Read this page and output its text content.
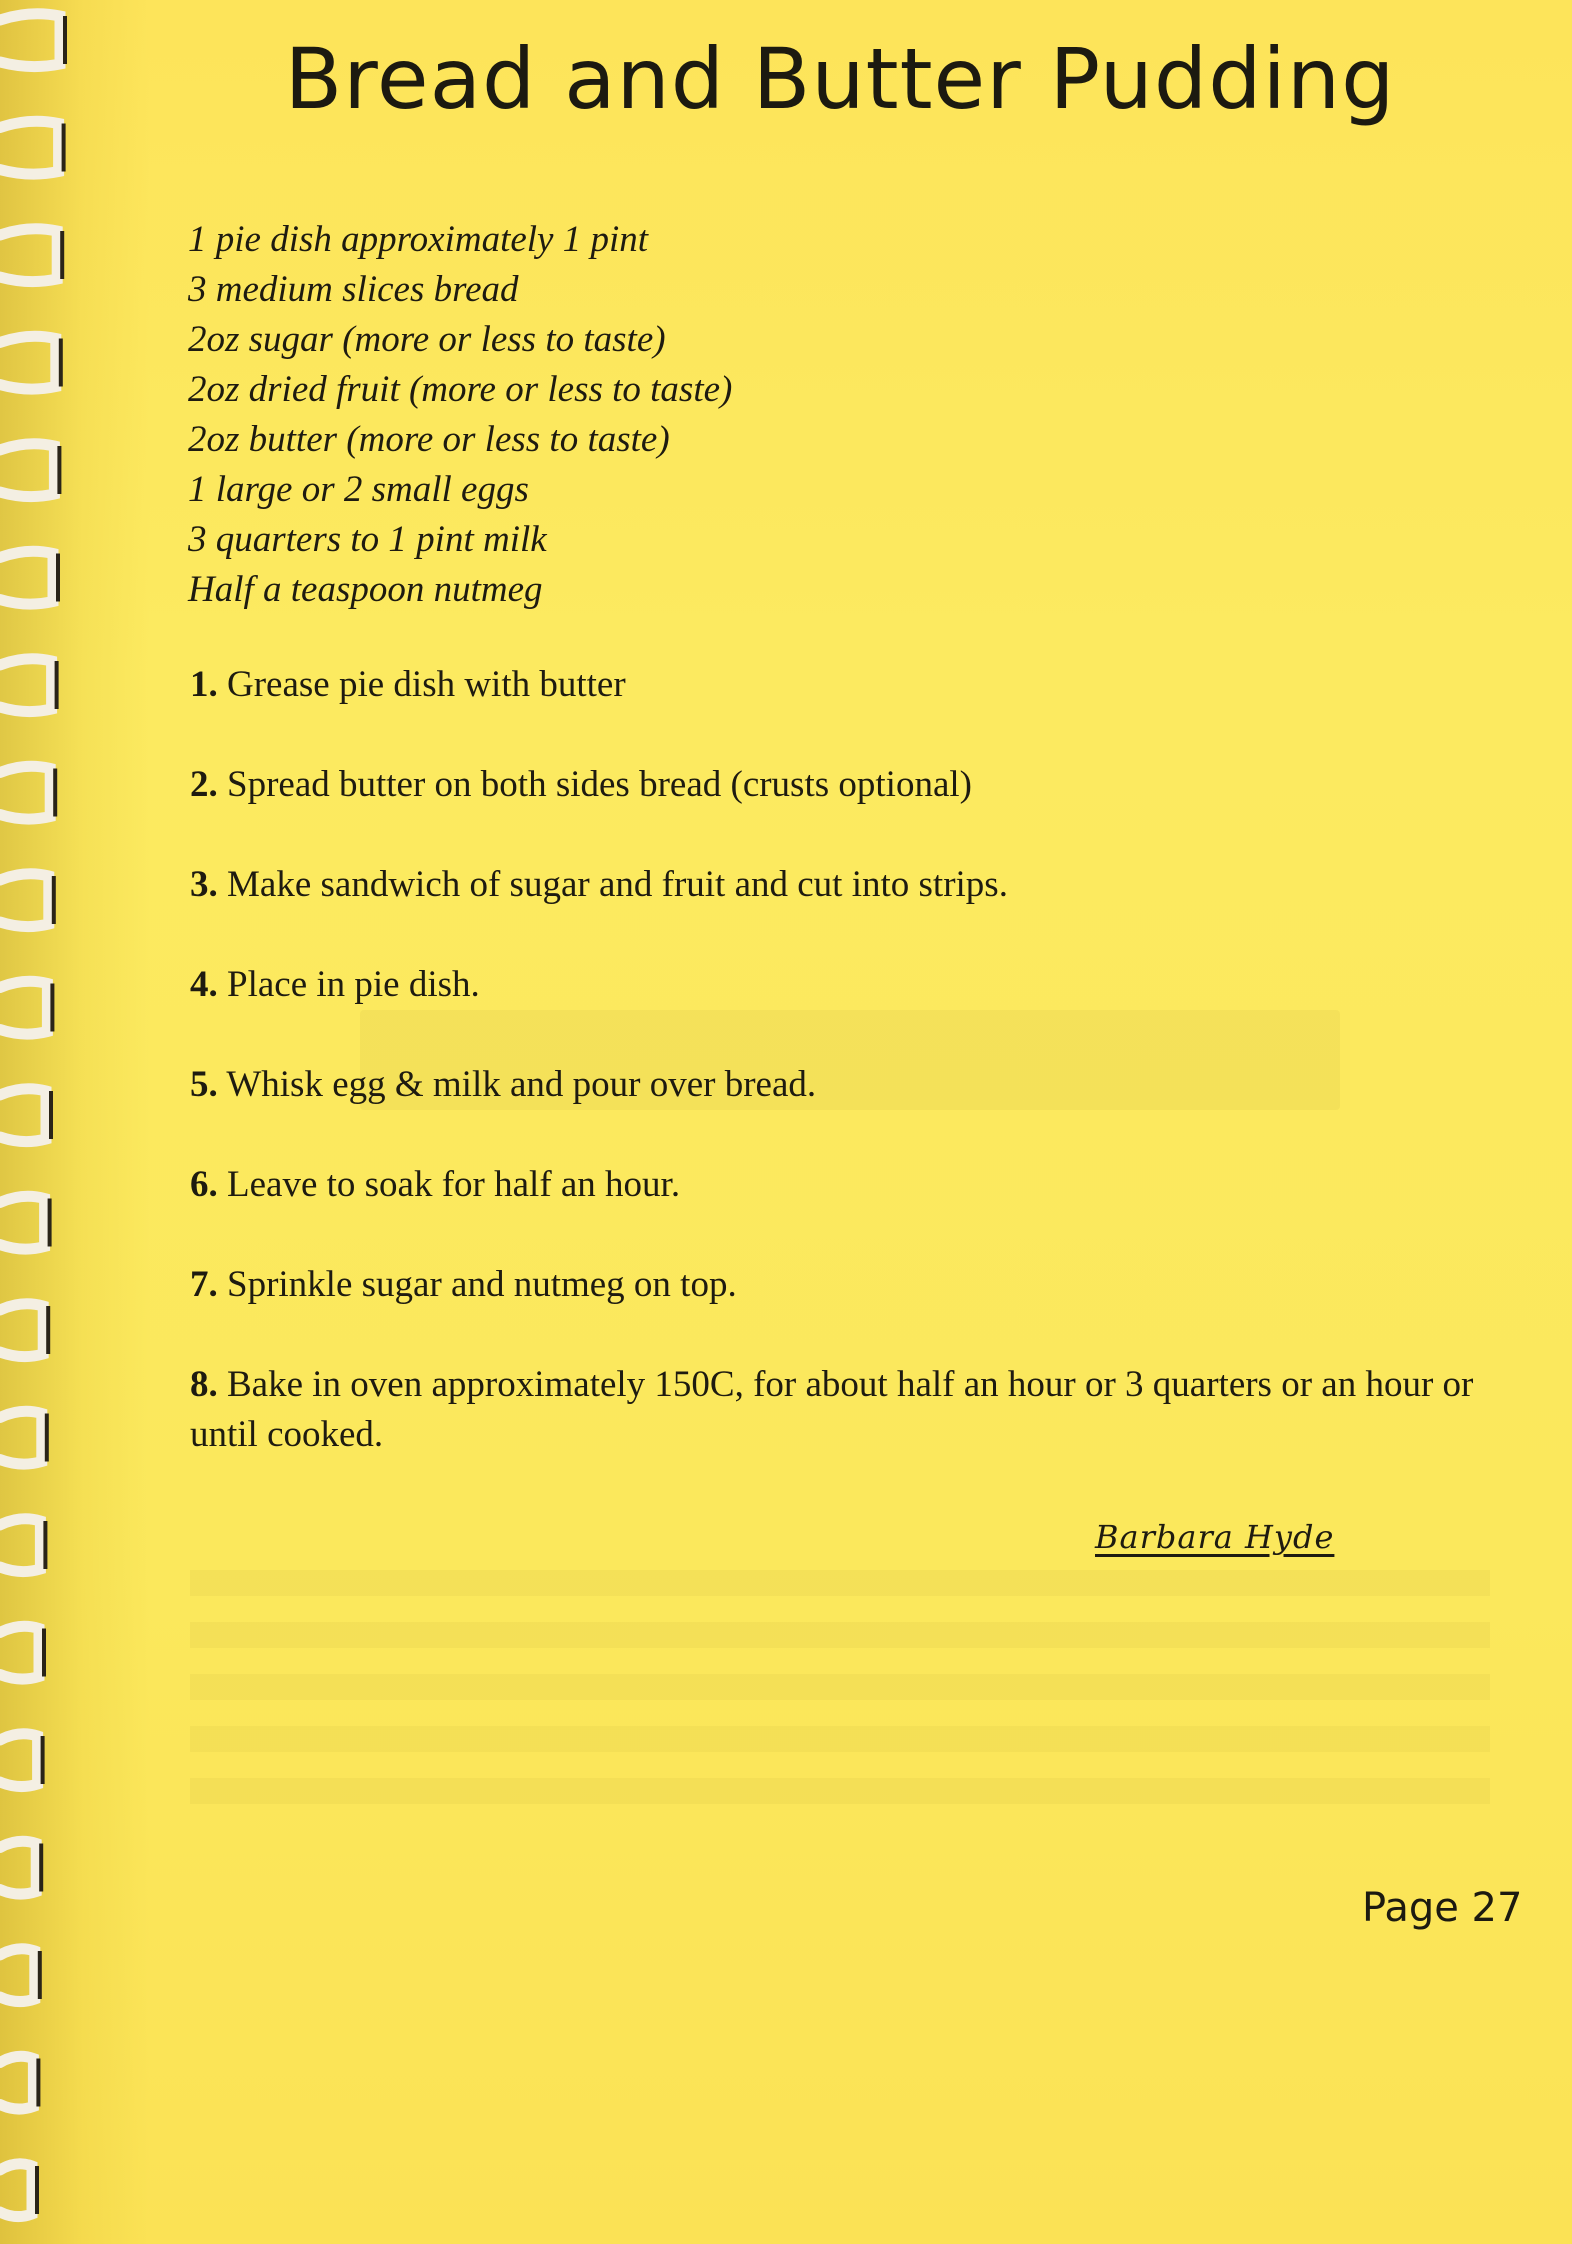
Bread and Butter Pudding
1 pie dish approximately 1 pint
3 medium slices bread
2oz sugar (more or less to taste)
2oz dried fruit (more or less to taste)
2oz butter (more or less to taste)
1 large or 2 small eggs
3 quarters to 1 pint milk
Half a teaspoon nutmeg
1. Grease pie dish with butter
2. Spread butter on both sides bread (crusts optional)
3. Make sandwich of sugar and fruit and cut into strips.
4. Place in pie dish.
5. Whisk egg & milk and pour over bread.
6. Leave to soak for half an hour.
7. Sprinkle sugar and nutmeg on top.
8. Bake in oven approximately 150C, for about half an hour or 3 quarters or an hour or until cooked.
Barbara Hyde
Page 27
